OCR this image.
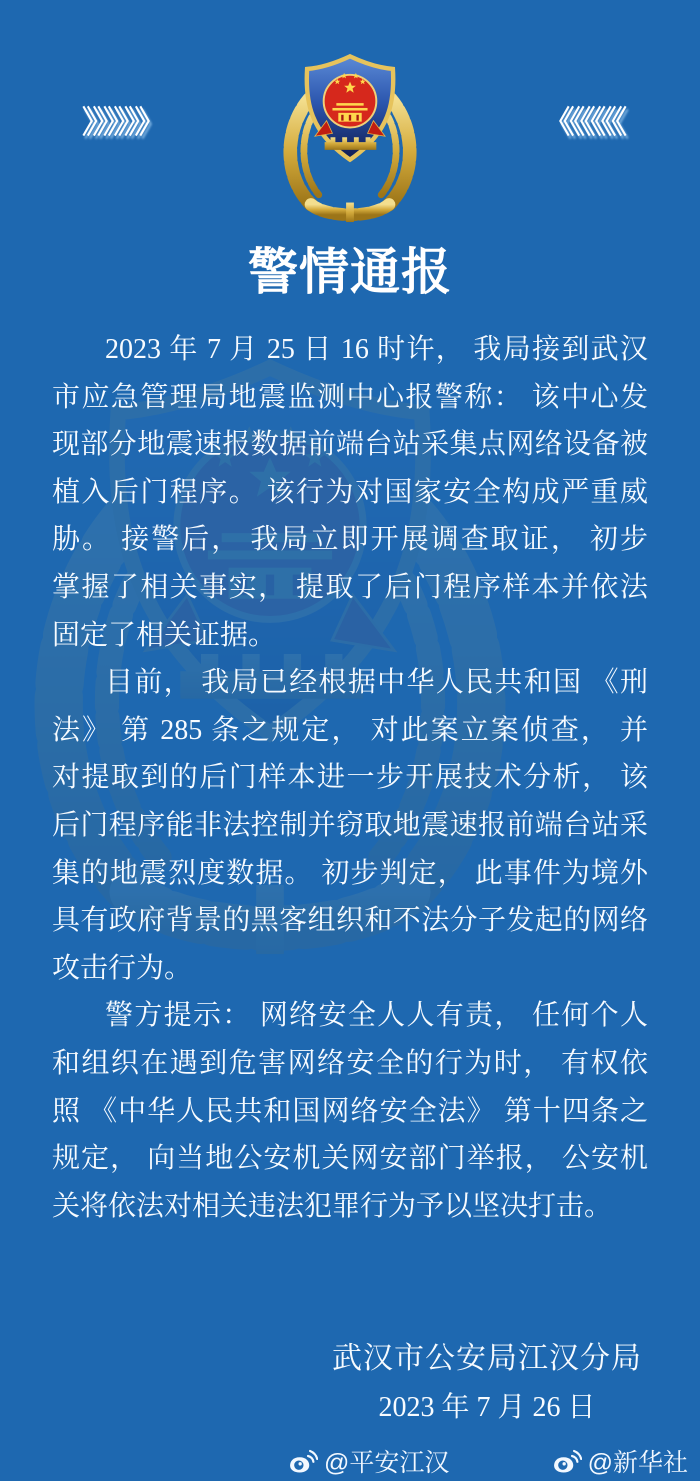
》》》》》》	《《《《《《
警情通报
2023 年 7 月 25 日 16 时许， 我局接到武汉
市应急管理局地震监测中心报警称： 该中心发
现部分地震速报数据前端台站采集点网络设备被
植入后门程序。 该行为对国家安全构成严重威
胁。 接警后， 我局立即开展调查取证， 初步
掌握了相关事实， 提取了后门程序样本并依法
固定了相关证据。
目前， 我局已经根据中华人民共和国 《刑
法》 第 285 条之规定， 对此案立案侦查， 并
对提取到的后门样本进一步开展技术分析， 该
后门程序能非法控制并窃取地震速报前端台站采
集的地震烈度数据。 初步判定， 此事件为境外
具有政府背景的黑客组织和不法分子发起的网络
攻击行为。
警方提示： 网络安全人人有责， 任何个人
和组织在遇到危害网络安全的行为时， 有权依
照 《中华人民共和国网络安全法》 第十四条之
规定， 向当地公安机关网安部门举报， 公安机
关将依法对相关违法犯罪行为予以坚决打击。
武汉市公安局江汉分局
2023 年 7 月 26 日
@平安江汉	@新华社
